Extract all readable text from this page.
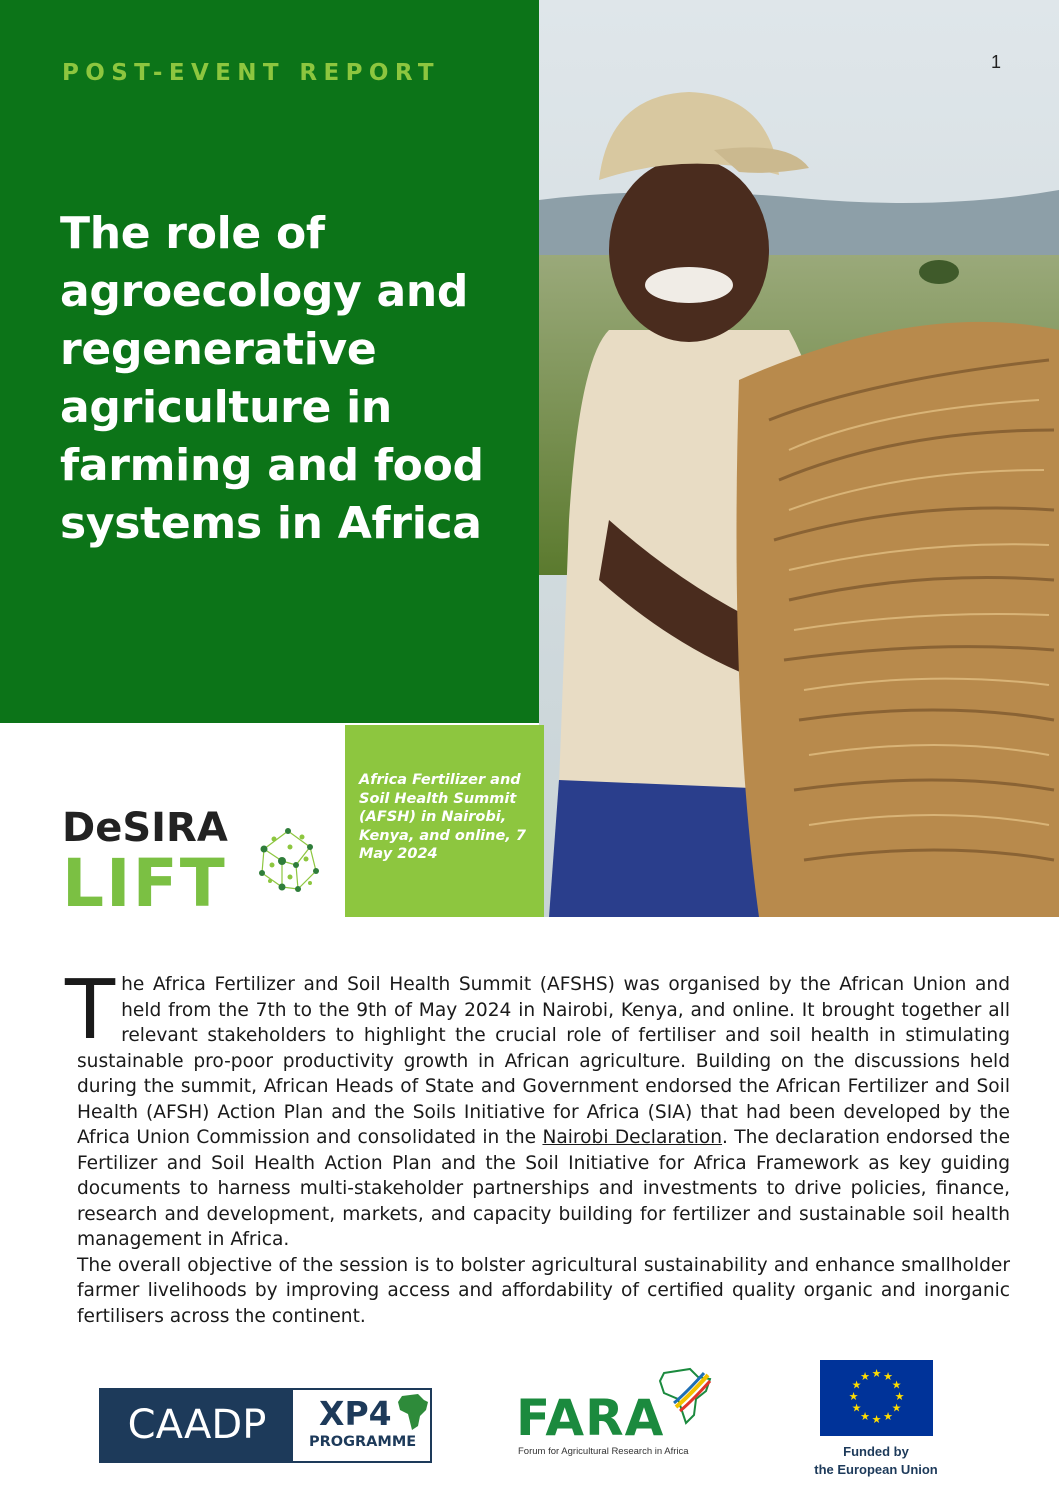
POST-EVENT REPORT
The role of agroecology and regenerative agriculture in farming and food systems in Africa
1
Africa Fertilizer and Soil Health Summit (AFSH) in Nairobi, Kenya, and online, 7 May 2024
DeSIRA
LIFT

The Africa Fertilizer and Soil Health Summit (AFSHS) was organised by the African Union and held from the 7th to the 9th of May 2024 in Nairobi, Kenya, and online. It brought together all relevant stakeholders to highlight the crucial role of fertiliser and soil health in stimulating sustainable pro-poor productivity growth in African agriculture. Building on the discussions held during the summit, African Heads of State and Government endorsed the African Fertilizer and Soil Health (AFSH) Action Plan and the Soils Initiative for Africa (SIA) that had been developed by the Africa Union Commission and consolidated in the Nairobi Declaration. The declaration endorsed the Fertilizer and Soil Health Action Plan and the Soil Initiative for Africa Framework as key guiding documents to harness multi-stakeholder partnerships and investments to drive policies, finance, research and development, markets, and capacity building for fertilizer and sustainable soil health management in Africa.

The overall objective of the session is to bolster agricultural sustainability and enhance smallholder farmer livelihoods by improving access and affordability of certified quality organic and inorganic fertilisers across the continent.

CAADP	XP4
PROGRAMME FARA
Forum for Agricultural Research in Africa
★ ★
★
★
★
★
★
★
★
★
★
★
Funded by
the European Union
